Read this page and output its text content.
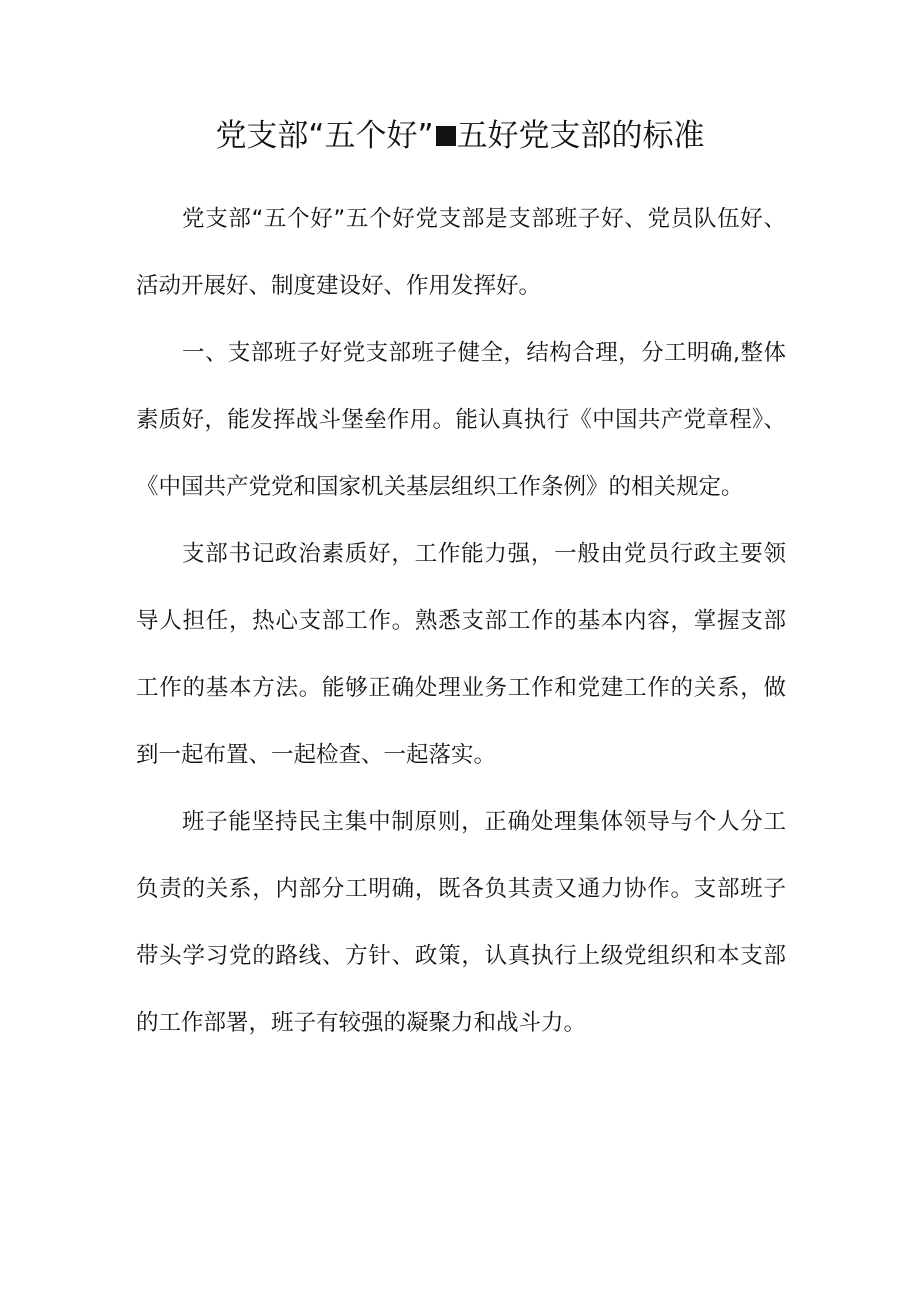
党支部“五个好” 五好党支部的标准

党支部“五个好”五个好党支部是支部班子好、党员队伍好、活动开展好、制度建设好、作用发挥好。

一、支部班子好党支部班子健全，结构合理，分工明确,整体素质好，能发挥战斗堡垒作用。能认真执行《中国共产党章程》、《中国共产党党和国家机关基层组织工作条例》的相关规定。

支部书记政治素质好，工作能力强，一般由党员行政主要领导人担任，热心支部工作。熟悉支部工作的基本内容，掌握支部工作的基本方法。能够正确处理业务工作和党建工作的关系，做到一起布置、一起检查、一起落实。

班子能坚持民主集中制原则，正确处理集体领导与个人分工负责的关系，内部分工明确，既各负其责又通力协作。支部班子带头学习党的路线、方针、政策，认真执行上级党组织和本支部的工作部署，班子有较强的凝聚力和战斗力。
